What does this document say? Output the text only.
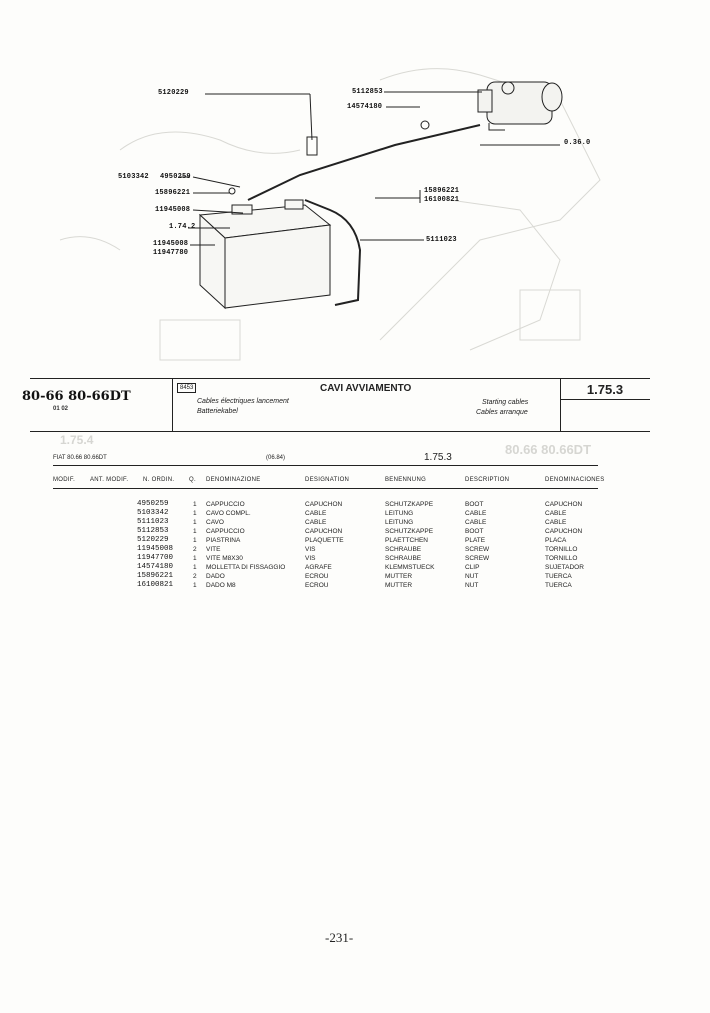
5120229	5112853
14574180
0.36.0
5103342 4950259
15896221
11945008
1.74.2
11945008
11947780
15896221
16100821
5111023
80-66 80-66DT
01 02
8453	CAVI AVVIAMENTO
Cables électriques lancement
Batteriekabel
Starting cables
Cables arranque
1.75.3
FIAT 80.66 80.66DT	(06.84)	1.75.3
MODIF. ANT. MODIF. N. ORDIN. Q. DENOMINAZIONE	DESIGNATION	BENENNUNG	DESCRIPTION	DENOMINACIONES
1.75.4
80.66 80.66DT
4950259	1 CAPPUCCIO	CAPUCHON	SCHUTZKAPPE	BOOT	CAPUCHON
5103342	1 CAVO COMPL.	CABLE	LEITUNG	CABLE	CABLE
5111023	1 CAVO	CABLE	LEITUNG	CABLE	CABLE
5112853	1 CAPPUCCIO	CAPUCHON	SCHUTZKAPPE	BOOT	CAPUCHON
5120229	1 PIASTRINA	PLAQUETTE	PLAETTCHEN	PLATE	PLACA
11945008	2 VITE	VIS	SCHRAUBE	SCREW	TORNILLO
11947700	1 VITE M8X30	VIS	SCHRAUBE	SCREW	TORNILLO
14574180	1 MOLLETTA DI FISSAGGIO	AGRAFE	KLEMMSTUECK	CLIP	SUJETADOR
15896221	2 DADO	ECROU	MUTTER	NUT	TUERCA
16100821	1 DADO M8	ECROU	MUTTER	NUT	TUERCA
-231-
